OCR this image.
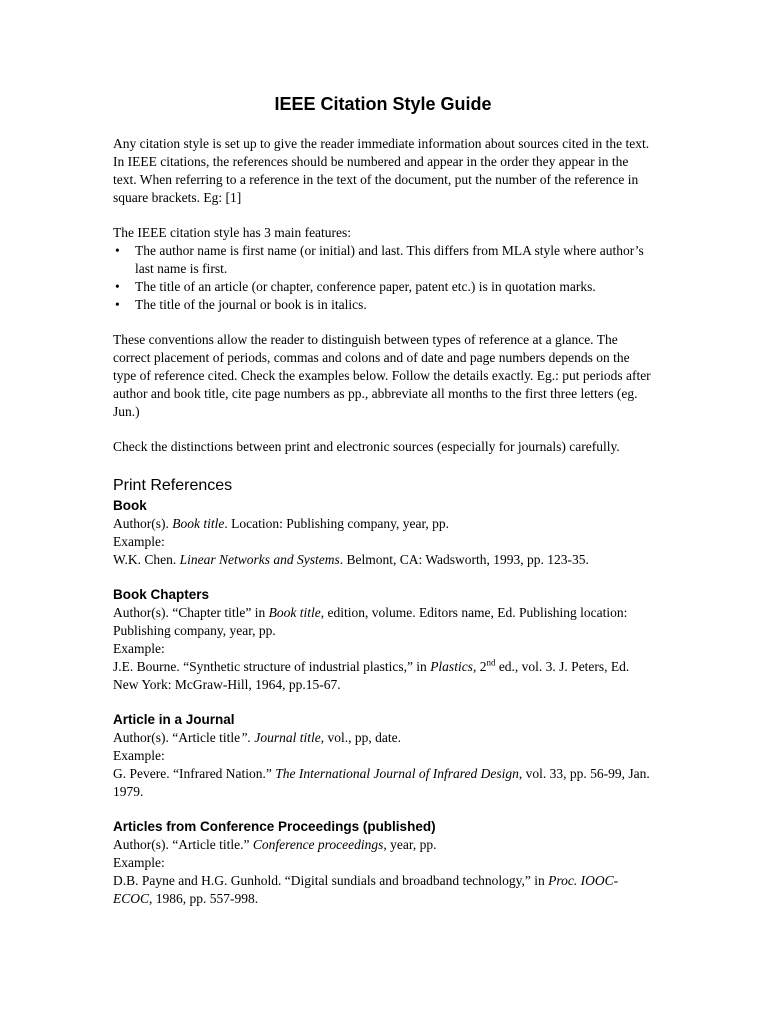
IEEE Citation Style Guide

Any citation style is set up to give the reader immediate information about sources cited in the text. In IEEE citations, the references should be numbered and appear in the order they appear in the text. When referring to a reference in the text of the document, put the number of the reference in square brackets. Eg: [1]

The IEEE citation style has 3 main features:

• The author name is first name (or initial) and last. This differs from MLA style where author’s last name is first.
• The title of an article (or chapter, conference paper, patent etc.) is in quotation marks.
• The title of the journal or book is in italics.

These conventions allow the reader to distinguish between types of reference at a glance. The correct placement of periods, commas and colons and of date and page numbers depends on the type of reference cited. Check the examples below. Follow the details exactly. Eg.: put periods after author and book title, cite page numbers as pp., abbreviate all months to the first three letters (eg. Jun.)

Check the distinctions between print and electronic sources (especially for journals) carefully.

Print References
Book

Author(s). Book title. Location: Publishing company, year, pp.

Example:

W.K. Chen. Linear Networks and Systems. Belmont, CA: Wadsworth, 1993, pp. 123-35.

Book Chapters

Author(s). “Chapter title” in Book title, edition, volume. Editors name, Ed. Publishing location: Publishing company, year, pp.

Example:

J.E. Bourne. “Synthetic structure of industrial plastics,” in Plastics, 2nd ed., vol. 3. J. Peters, Ed. New York: McGraw-Hill, 1964, pp.15-67.

Article in a Journal

Author(s). “Article title”. Journal title, vol., pp, date.

Example:

G. Pevere. “Infrared Nation.” The International Journal of Infrared Design, vol. 33, pp. 56-99, Jan. 1979.

Articles from Conference Proceedings (published)

Author(s). “Article title.” Conference proceedings, year, pp.

Example:

D.B. Payne and H.G. Gunhold. “Digital sundials and broadband technology,” in Proc. IOOC-ECOC, 1986, pp. 557-998.
